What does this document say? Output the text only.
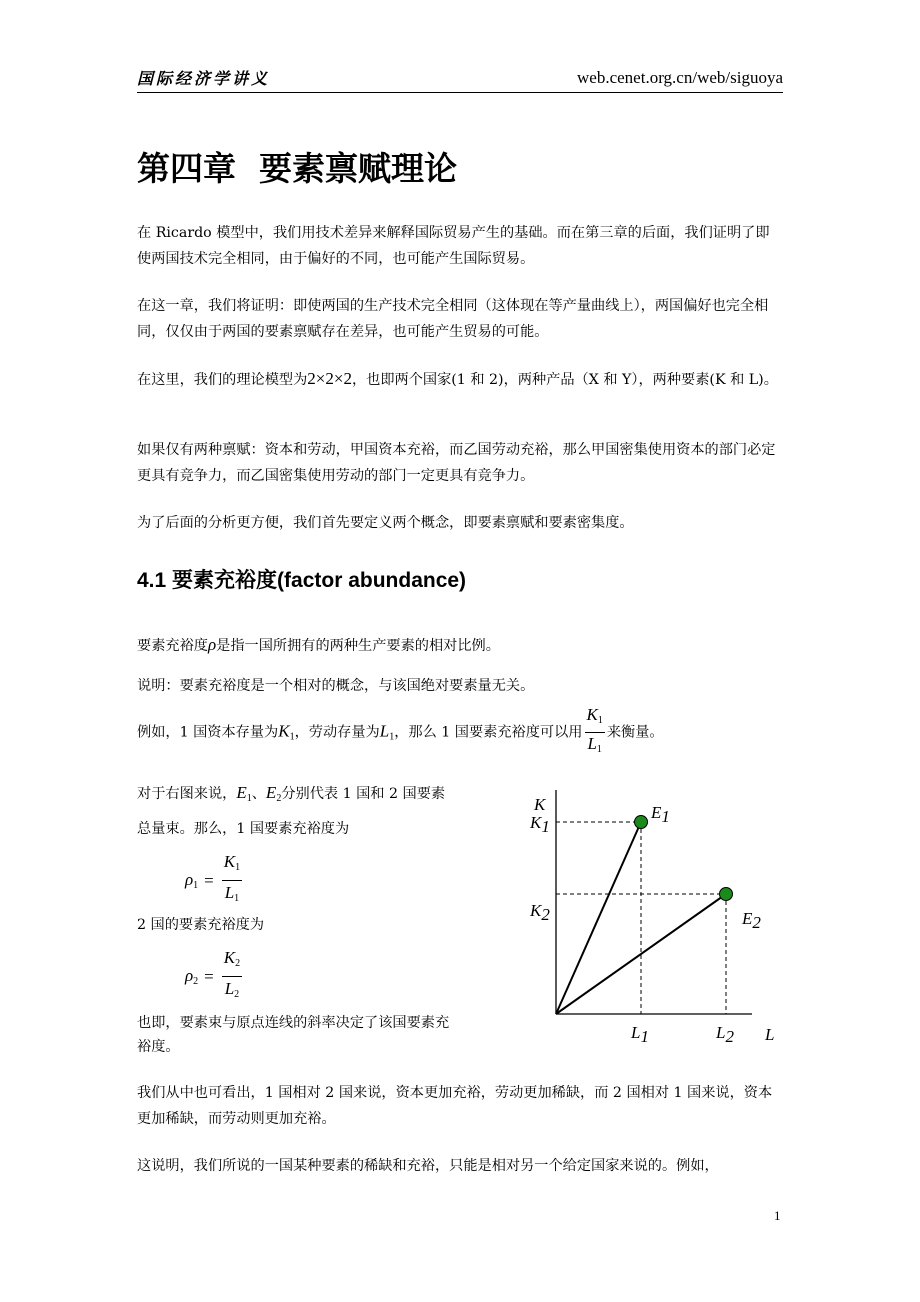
国际经济学讲义	web.cenet.org.cn/web/siguoya
第四章  要素禀赋理论
在 Ricardo 模型中，我们用技术差异来解释国际贸易产生的基础。而在第三章的后面，我们证明了即使两国技术完全相同，由于偏好的不同，也可能产生国际贸易。
在这一章，我们将证明：即使两国的生产技术完全相同（这体现在等产量曲线上），两国偏好也完全相同，仅仅由于两国的要素禀赋存在差异，也可能产生贸易的可能。
在这里，我们的理论模型为2×2×2，也即两个国家(1 和 2)，两种产品（X 和 Y），两种要素(K 和 L)。
如果仅有两种禀赋：资本和劳动，甲国资本充裕，而乙国劳动充裕，那么甲国密集使用资本的部门必定更具有竞争力，而乙国密集使用劳动的部门一定更具有竞争力。
为了后面的分析更方便，我们首先要定义两个概念，即要素禀赋和要素密集度。
4.1 要素充裕度(factor abundance)
要素充裕度ρ是指一国所拥有的两种生产要素的相对比例。
说明：要素充裕度是一个相对的概念，与该国绝对要素量无关。
例如，1 国资本存量为$K_1$，劳动存量为$L_1$，那么 1 国要素充裕度可以用 $\frac{K_1}{L_1}$ 来衡量。
对于右图来说，$E_1$、$E_2$分别代表 1 国和 2 国要素
总量束。那么，1 国要素充裕度为
$\rho_1 = \frac{K_1}{L_1}$
2 国的要素充裕度为
$\rho_2 = \frac{K_2}{L_2}$
也即，要素束与原点连线的斜率决定了该国要素充
裕度。
K
L
E1
K1
L1
E2
K2
L2
我们从中也可看出，1 国相对 2 国来说，资本更加充裕，劳动更加稀缺，而 2 国相对 1 国来说，资本更加稀缺，而劳动则更加充裕。
这说明，我们所说的一国某种要素的稀缺和充裕，只能是相对另一个给定国家来说的。例如，
1
